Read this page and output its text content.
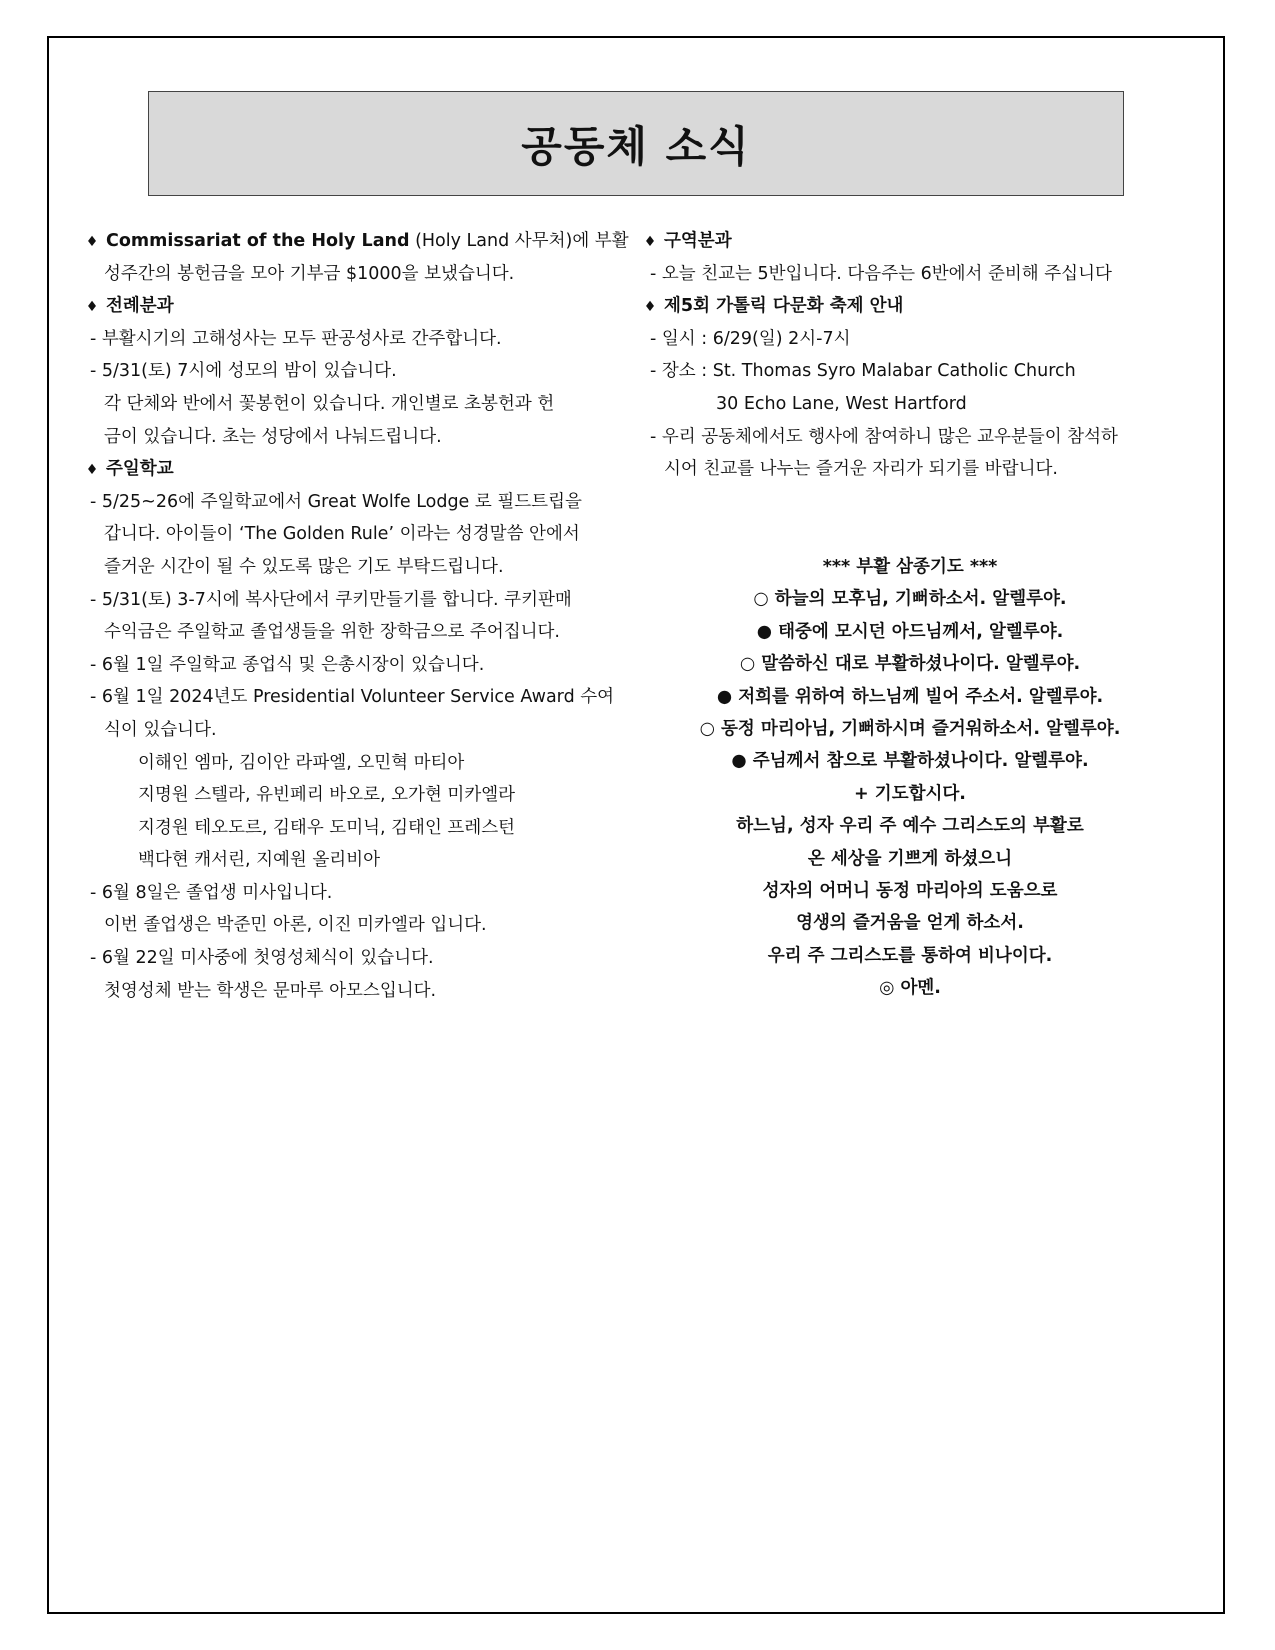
공동체 소식
♦ Commissariat of the Holy Land (Holy Land 사무처)에 부활
성주간의 봉헌금을 모아 기부금 $1000을 보냈습니다.
♦ 전례분과
- 부활시기의 고해성사는 모두 판공성사로 간주합니다.
- 5/31(토) 7시에 성모의 밤이 있습니다.
각 단체와 반에서 꽃봉헌이 있습니다. 개인별로 초봉헌과 헌
금이 있습니다. 초는 성당에서 나눠드립니다.
♦ 주일학교
- 5/25~26에 주일학교에서 Great Wolfe Lodge 로 필드트립을
갑니다. 아이들이 ‘The Golden Rule’ 이라는 성경말씀 안에서
즐거운 시간이 될 수 있도록 많은 기도 부탁드립니다.
- 5/31(토) 3-7시에 복사단에서 쿠키만들기를 합니다. 쿠키판매
수익금은 주일학교 졸업생들을 위한 장학금으로 주어집니다.
- 6월 1일 주일학교 종업식 및 은총시장이 있습니다.
- 6월 1일 2024년도 Presidential Volunteer Service Award 수여
식이 있습니다.
이해인 엠마, 김이안 라파엘, 오민혁 마티아
지명원 스텔라, 유빈페리 바오로, 오가현 미카엘라
지경원 테오도르, 김태우 도미닉, 김태인 프레스턴
백다현 캐서린, 지예원 올리비아
- 6월 8일은 졸업생 미사입니다.
이번 졸업생은 박준민 아론, 이진 미카엘라 입니다.
- 6월 22일 미사중에 첫영성체식이 있습니다.
첫영성체 받는 학생은 문마루 아모스입니다.
♦ 구역분과
- 오늘 친교는 5반입니다. 다음주는 6반에서 준비해 주십니다
♦ 제5회 가톨릭 다문화 축제 안내
- 일시 : 6/29(일) 2시-7시
- 장소 : St. Thomas Syro Malabar Catholic Church
30 Echo Lane, West Hartford
- 우리 공동체에서도 행사에 참여하니 많은 교우분들이 참석하
시어 친교를 나누는 즐거운 자리가 되기를 바랍니다.
*** 부활 삼종기도 ***
○ 하늘의 모후님, 기뻐하소서. 알렐루야.
● 태중에 모시던 아드님께서, 알렐루야.
○ 말씀하신 대로 부활하셨나이다. 알렐루야.
● 저희를 위하여 하느님께 빌어 주소서. 알렐루야.
○ 동정 마리아님, 기뻐하시며 즐거워하소서. 알렐루야.
● 주님께서 참으로 부활하셨나이다. 알렐루야.
+ 기도합시다.
하느님, 성자 우리 주 예수 그리스도의 부활로
온 세상을 기쁘게 하셨으니
성자의 어머니 동정 마리아의 도움으로
영생의 즐거움을 얻게 하소서.
우리 주 그리스도를 통하여 비나이다.
◎ 아멘.
